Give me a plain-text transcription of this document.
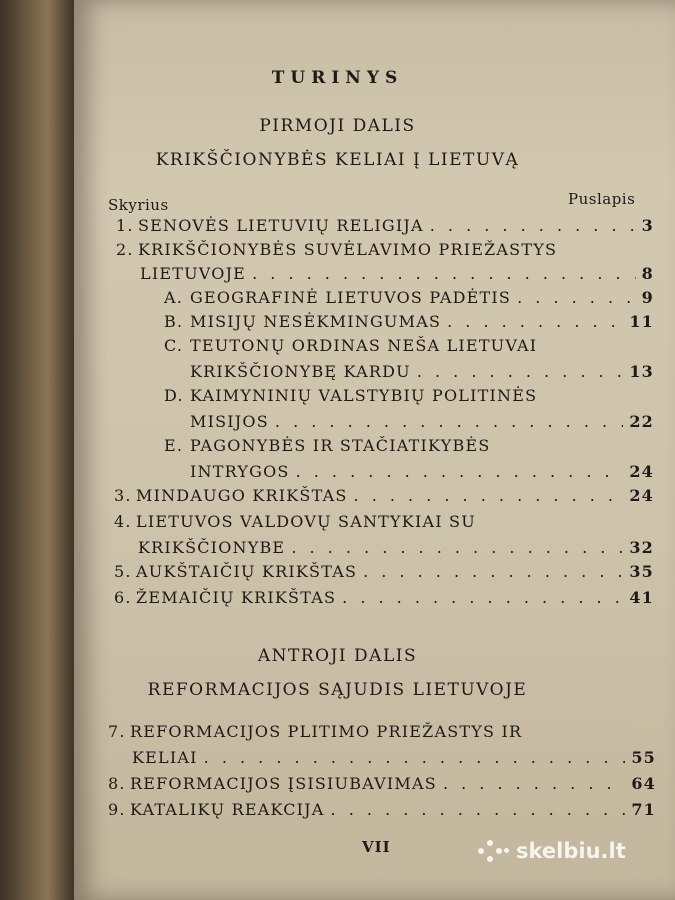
TURINYS
PIRMOJI DALIS
KRIKŠČIONYBĖS KELIAI Į LIETUVĄ
Skyrius	Puslapis
1. SENOVĖS LIETUVIŲ RELIGIJA . . .	3
2. KRIKŠČIONYBĖS SUVĖLAVIMO PRIEŽASTYS
LIETUVOJE . . .	8
A. GEOGRAFINĖ LIETUVOS PADĖTIS . . .	9
B. MISIJŲ NESĖKMINGUMAS . . .	11
C. TEUTONŲ ORDINAS NEŠA LIETUVAI
KRIKŠČIONYBĘ KARDU . . .	13
D. KAIMYNINIŲ VALSTYBIŲ POLITINĖS
MISIJOS . . .	22
E. PAGONYBĖS IR STAČIATIKYBĖS
INTRYGOS . . .	24
3. MINDAUGO KRIKŠTAS . . .	24
4. LIETUVOS VALDOVŲ SANTYKIAI SU
KRIKŠČIONYBE . . .	32
5. AUKŠTAIČIŲ KRIKŠTAS . . .	35
6. ŽEMAIČIŲ KRIKŠTAS . . .	41
ANTROJI DALIS
REFORMACIJOS SĄJUDIS LIETUVOJE
7. REFORMACIJOS PLITIMO PRIEŽASTYS IR
KELIAI . . .	55
8. REFORMACIJOS ĮSISIUBAVIMAS . . .	64
9. KATALIKŲ REAKCIJA . . .	71
VII	skelbiu.lt
